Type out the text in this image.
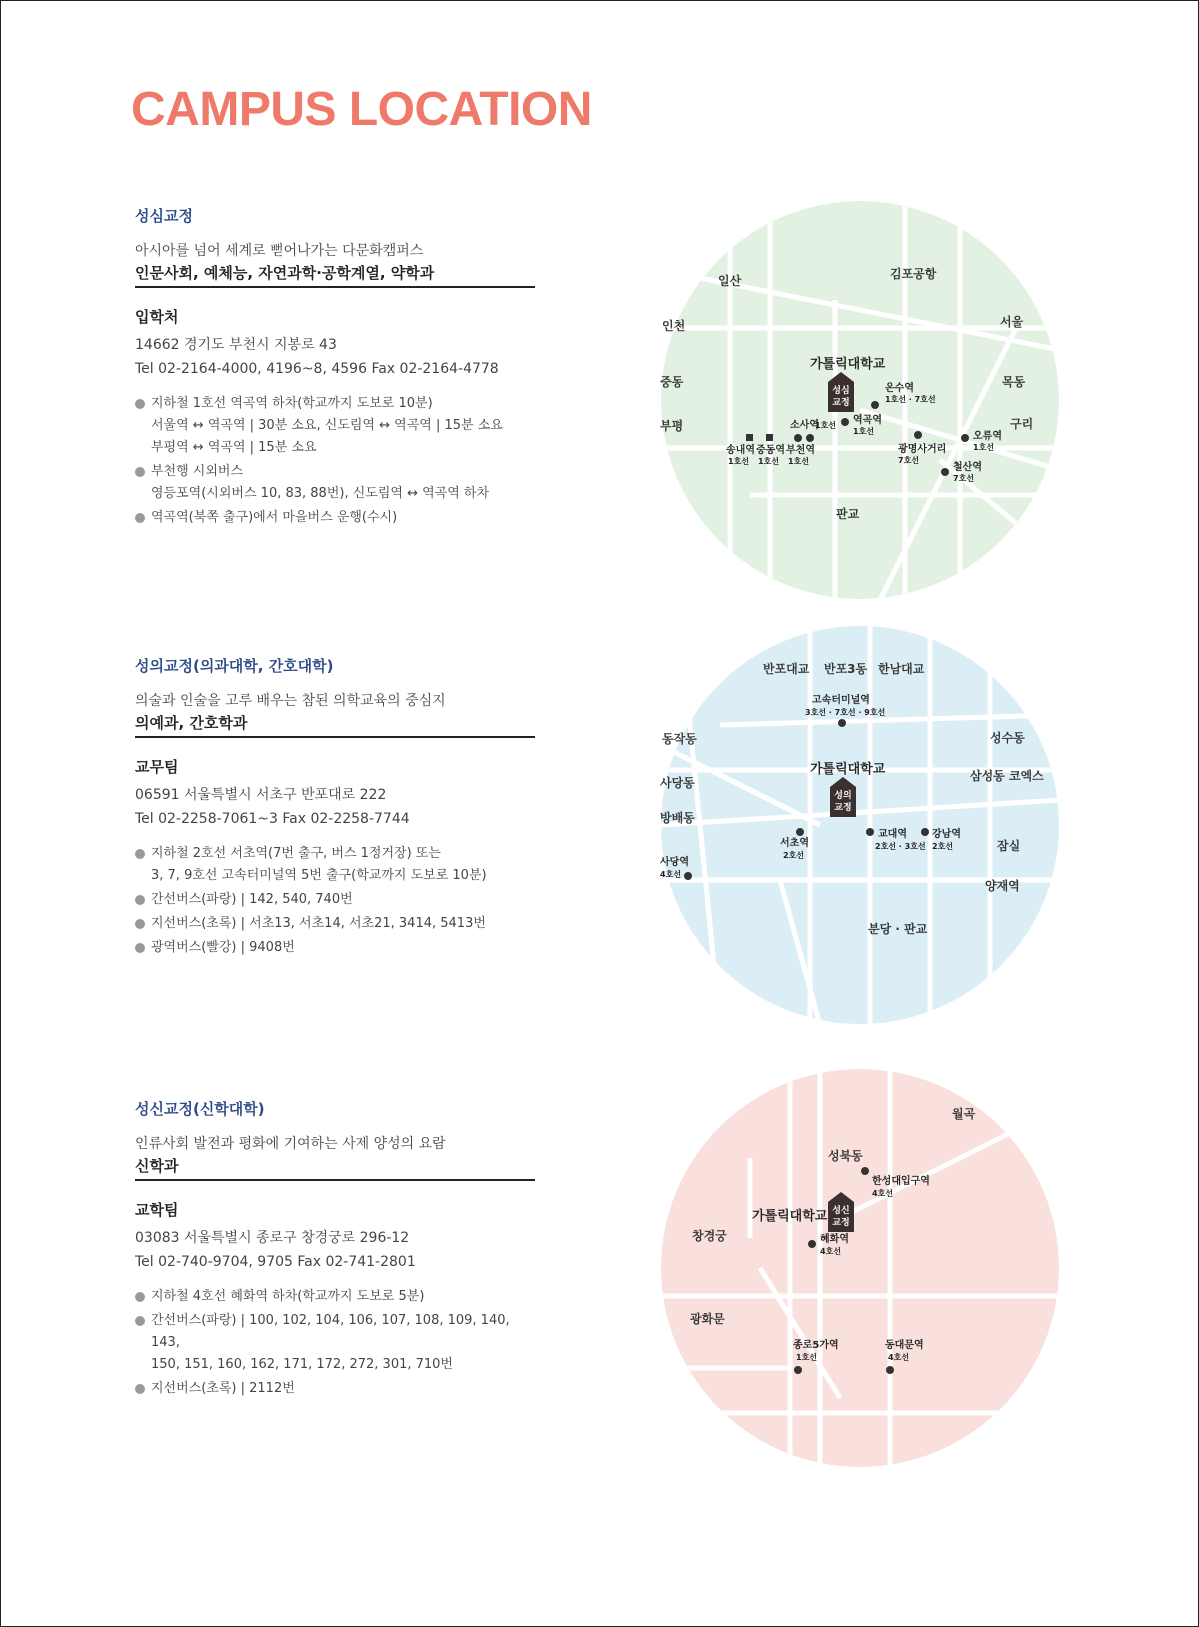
CAMPUS LOCATION
성심교정
아시아를 넘어 세계로 뻗어나가는 다문화캠퍼스
인문사회, 예체능, 자연과학·공학계열, 약학과
입학처
14662 경기도 부천시 지봉로 43
Tel 02-2164-4000, 4196~8, 4596 Fax 02-2164-4778
지하철 1호선 역곡역 하차(학교까지 도보로 10분)
서울역 ↔ 역곡역 | 30분 소요, 신도림역 ↔ 역곡역 | 15분 소요
부평역 ↔ 역곡역 | 15분 소요
부천행 시외버스
영등포역(시외버스 10, 83, 88번), 신도림역 ↔ 역곡역 하차
역곡역(북쪽 출구)에서 마을버스 운행(수시)
성의교정(의과대학, 간호대학)
의술과 인술을 고루 배우는 참된 의학교육의 중심지
의예과, 간호학과
교무팀
06591 서울특별시 서초구 반포대로 222
Tel 02-2258-7061~3 Fax 02-2258-7744
지하철 2호선 서초역(7번 출구, 버스 1정거장) 또는
3, 7, 9호선 고속터미널역 5번 출구(학교까지 도보로 10분)
간선버스(파랑) | 142, 540, 740번
지선버스(초록) | 서초13, 서초14, 서초21, 3414, 5413번
광역버스(빨강) | 9408번
성신교정(신학대학)
인류사회 발전과 평화에 기여하는 사제 양성의 요람
신학과
교학팀
03083 서울특별시 종로구 창경궁로 296-12
Tel 02-740-9704, 9705 Fax 02-741-2801
지하철 4호선 혜화역 하차(학교까지 도보로 5분)
간선버스(파랑) | 100, 102, 104, 106, 107, 108, 109, 140, 143,
150, 151, 160, 162, 171, 172, 272, 301, 710번
지선버스(초록) | 2112번
일산	김포공항
인천	서울
중동	목동
부평	구리
판교
가톨릭대학교
성심
교정
온수역
1호선 · 7호선
역곡역
1호선
소사역
1호선
송내역
1호선
중동역
1호선
부천역
1호선
광명사거리
7호선
오류역
1호선
철산역
7호선
반포대교 반포3동 한남대교
동작동	성수동
사당동	삼성동 코엑스
방배동
잠실
양재역
분당 · 판교
가톨릭대학교
성의
교정
고속터미널역
3호선 · 7호선 · 9호선
서초역
2호선
교대역
2호선 · 3호선
강남역
2호선
사당역
4호선
월곡
성북동
창경궁
광화문
가톨릭대학교 성신
교정
한성대입구역
4호선
혜화역
4호선
종로5가역
1호선
동대문역
4호선
